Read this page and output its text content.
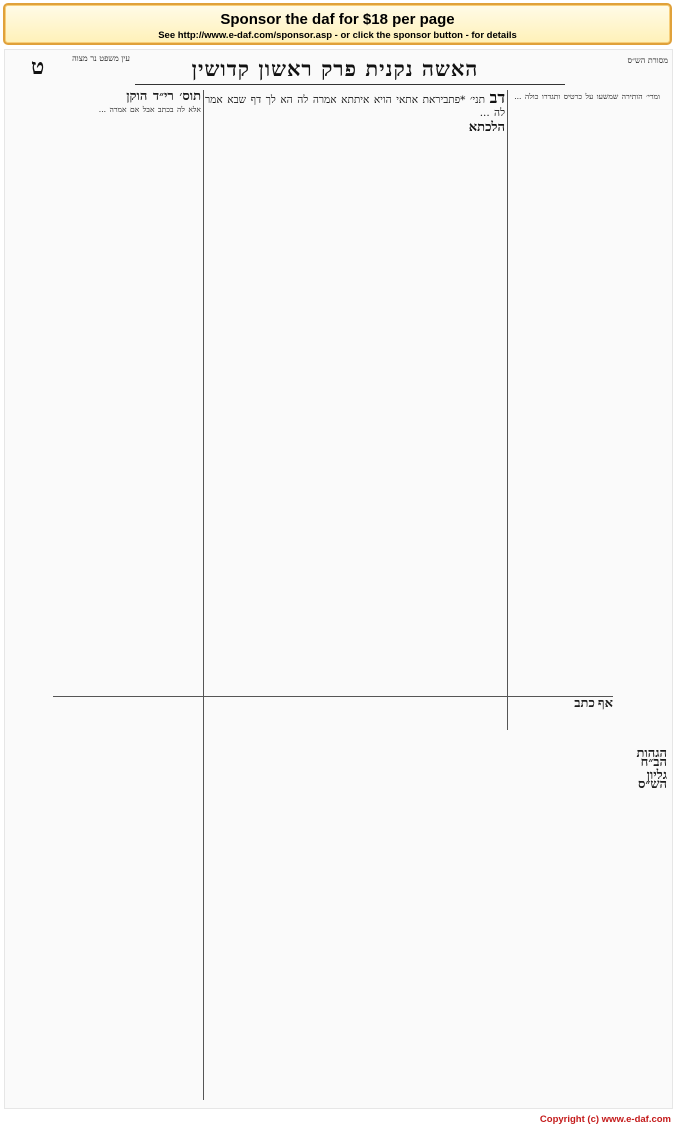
Sponsor the daf for $18 per page
See http://www.e-daf.com/sponsor.asp - or click the sponsor button - for details
עין משפט נר מצוה
ט	האשה נקנית פרק ראשון קדושין	מסורת הש״ס

דב תני׳ *פתביראת אתאי הויא איתתא אמרה לה הא לך דף שבא אמר לה ...

הלכתא

ומרי׳ הותירה שמשעו על כרטיס ותגדרו כולה ...

תוס׳ רי״ד הוקן

אלא לה בכתב אבל אם אמרה ...

אף כתב

הגהות הב״ח

גליון הש״ס

Copyright (c) www.e-daf.com
